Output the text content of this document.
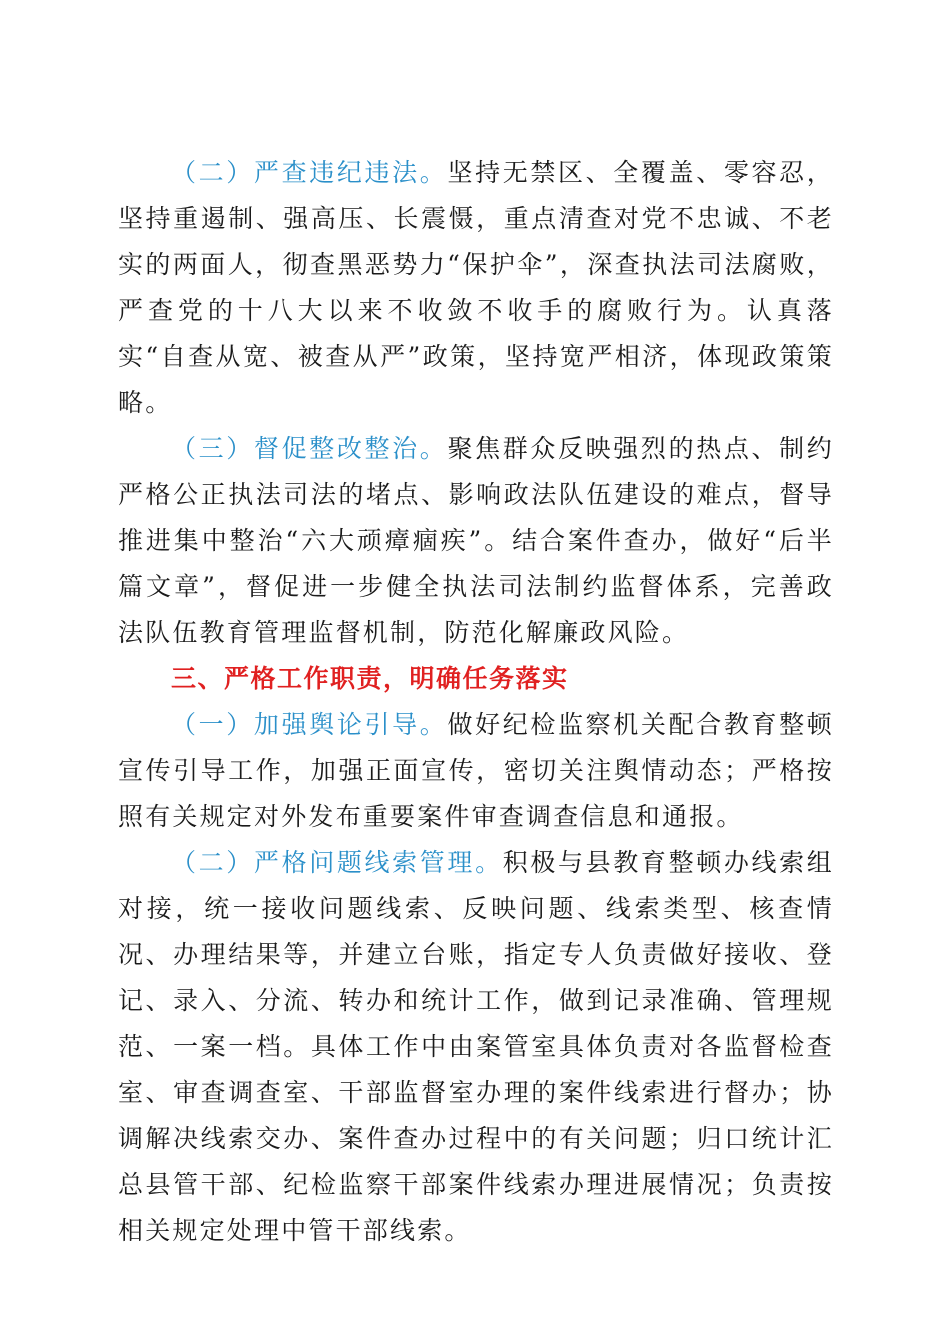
（二）严查违纪违法。坚持无禁区、全覆盖、零容忍，坚持重遏制、强高压、长震慑，重点清查对党不忠诚、不老实的两面人，彻查黑恶势力“保护伞”，深查执法司法腐败，严查党的十八大以来不收敛不收手的腐败行为。认真落实“自查从宽、被查从严”政策，坚持宽严相济，体现政策策略。

（三）督促整改整治。聚焦群众反映强烈的热点、制约严格公正执法司法的堵点、影响政法队伍建设的难点，督导推进集中整治“六大顽瘴痼疾”。结合案件查办，做好“后半篇文章”，督促进一步健全执法司法制约监督体系，完善政法队伍教育管理监督机制，防范化解廉政风险。

三、严格工作职责，明确任务落实

（一）加强舆论引导。做好纪检监察机关配合教育整顿宣传引导工作，加强正面宣传，密切关注舆情动态；严格按照有关规定对外发布重要案件审查调查信息和通报。

（二）严格问题线索管理。积极与县教育整顿办线索组对接，统一接收问题线索、反映问题、线索类型、核查情况、办理结果等，并建立台账，指定专人负责做好接收、登记、录入、分流、转办和统计工作，做到记录准确、管理规范、一案一档。具体工作中由案管室具体负责对各监督检查室、审查调查室、干部监督室办理的案件线索进行督办；协调解决线索交办、案件查办过程中的有关问题；归口统计汇总县管干部、纪检监察干部案件线索办理进展情况；负责按相关规定处理中管干部线索。
